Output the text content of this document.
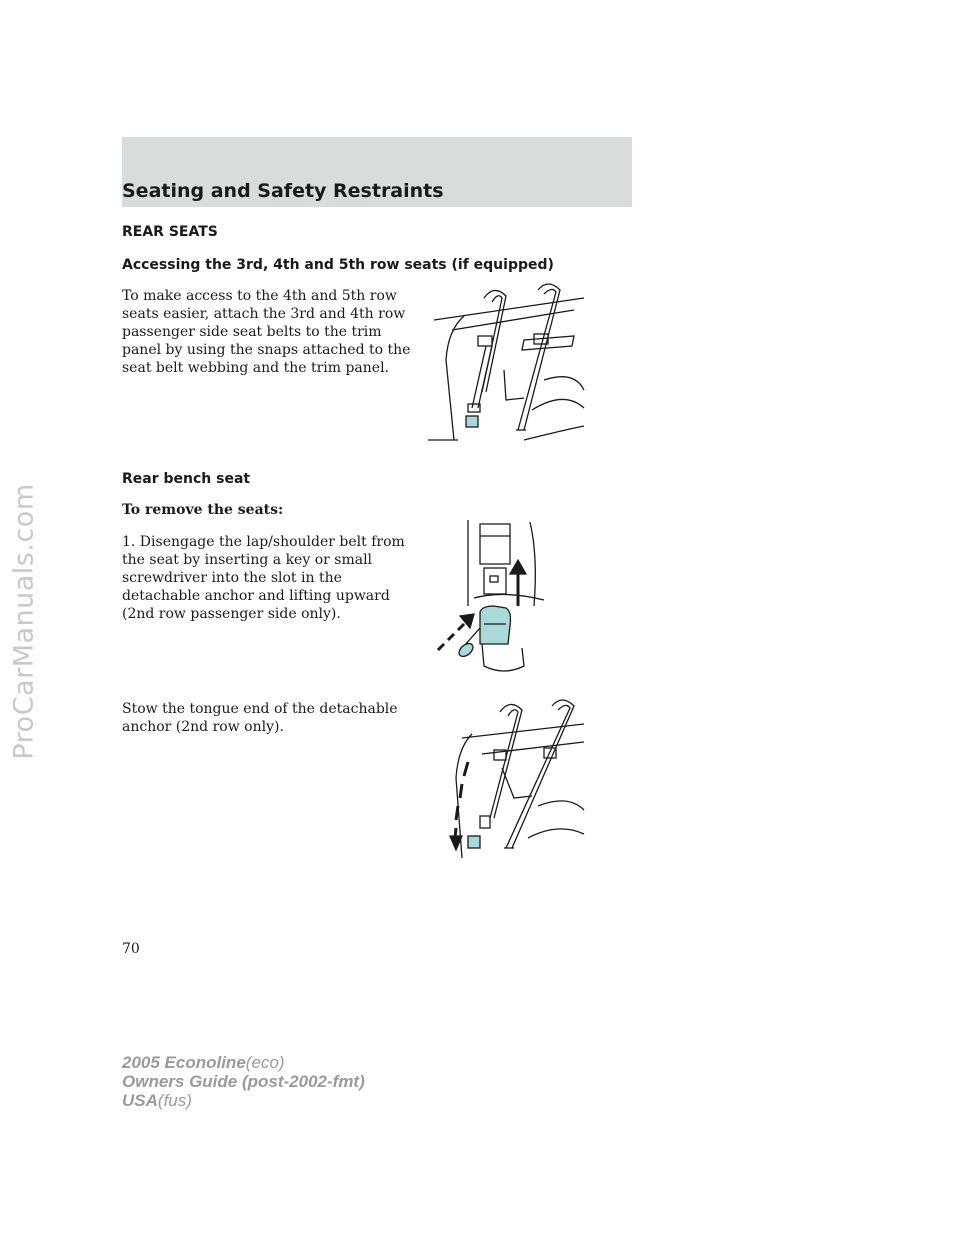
ProCarManuals.com
Seating and Safety Restraints

REAR SEATS

Accessing the 3rd, 4th and 5th row seats (if equipped)

To make access to the 4th and 5th row seats easier, attach the 3rd and 4th row passenger side seat belts to the trim panel by using the snaps attached to the seat belt webbing and the trim panel.

Rear bench seat

To remove the seats:

1. Disengage the lap/shoulder belt from the seat by inserting a key or small screwdriver into the slot in the detachable anchor and lifting upward (2nd row passenger side only).

Stow the tongue end of the detachable anchor (2nd row only).

70

2005 Econoline(eco)
Owners Guide (post-2002-fmt)
USA(fus)
